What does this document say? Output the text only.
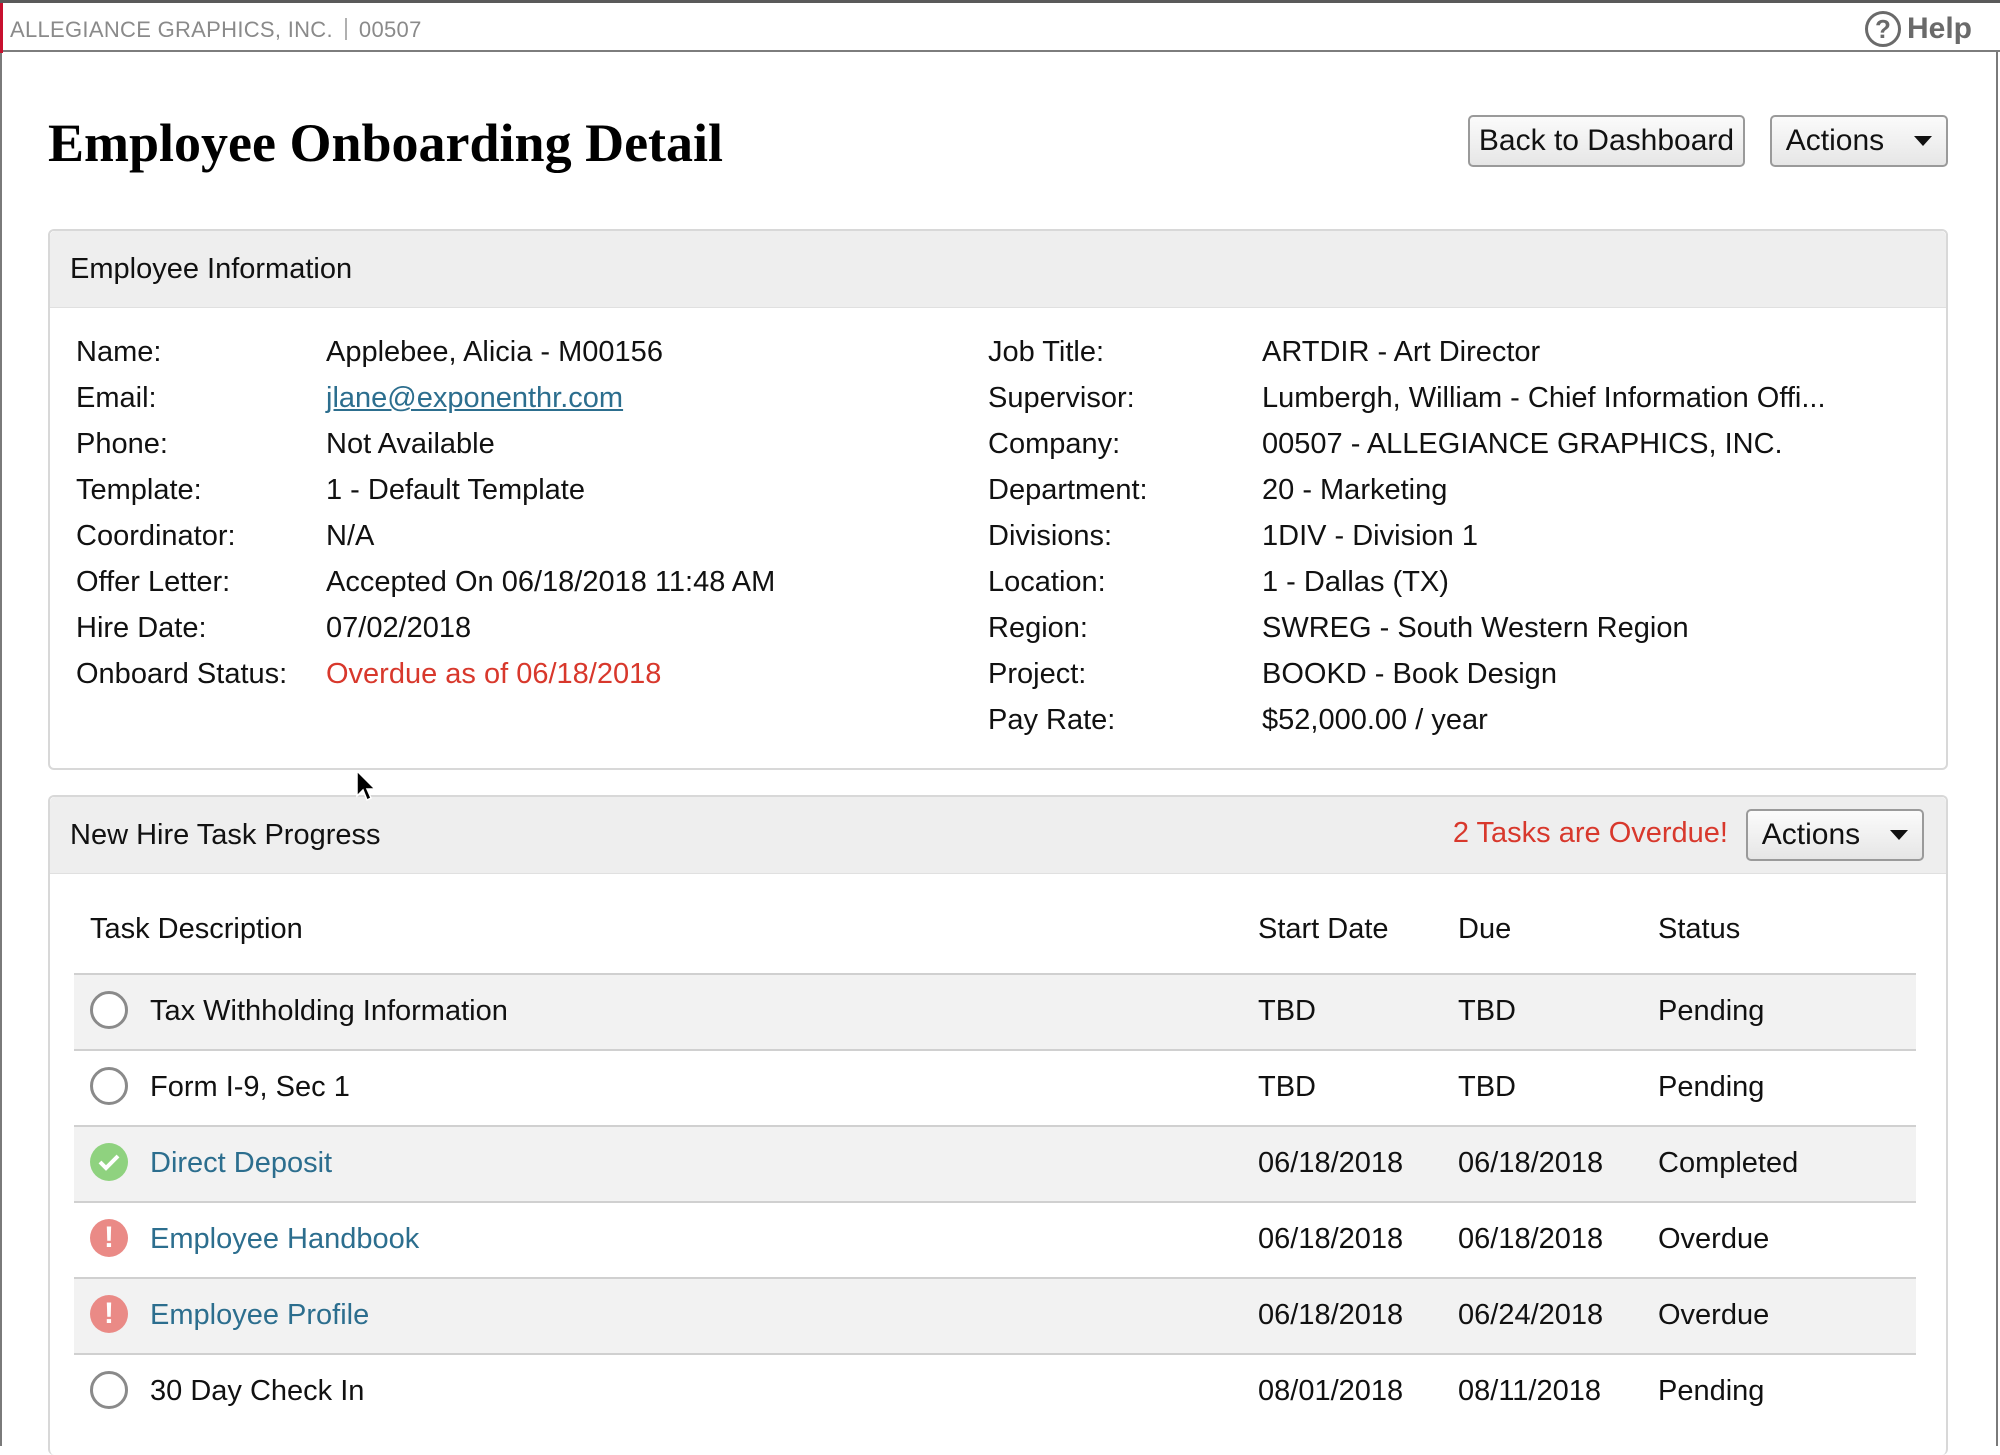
ALLEGIANCE GRAPHICS, INC. 00507	? Help
Employee Onboarding Detail	Back to Dashboard Actions
Employee Information
Name:	Applebee, Alicia - M00156
Email:	jlane@exponenthr.com
Phone:	Not Available
Template:	1 - Default Template
Coordinator:	N/A
Offer Letter:	Accepted On 06/18/2018 11:48 AM
Hire Date:	07/02/2018
Onboard Status: Overdue as of 06/18/2018
Job Title:	ARTDIR - Art Director
Supervisor:	Lumbergh, William - Chief Information Offi...
Company:	00507 - ALLEGIANCE GRAPHICS, INC.
Department:	20 - Marketing
Divisions:	1DIV - Division 1
Location:	1 - Dallas (TX)
Region:	SWREG - South Western Region
Project:	BOOKD - Book Design
Pay Rate:	$52,000.00 / year
New Hire Task Progress	2 Tasks are Overdue! Actions
Task Description	Start Date Due	Status
Tax Withholding Information	TBD	TBD	Pending
Form I-9, Sec 1	TBD	TBD	Pending
Direct Deposit	06/18/2018 06/18/2018 Completed
!	Employee Handbook	06/18/2018 06/18/2018 Overdue
!	Employee Profile	06/18/2018 06/24/2018 Overdue
30 Day Check In	08/01/2018 08/11/2018 Pending
